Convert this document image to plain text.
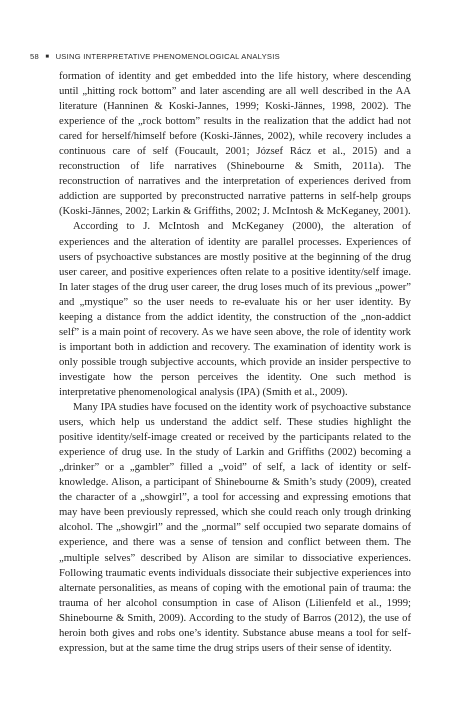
58 ■ USING INTERPRETATIVE PHENOMENOLOGICAL ANALYSIS

formation of identity and get embedded into the life history, where descending until „hitting rock bottom” and later ascending are all well described in the AA literature (Hanninen & Koski-Jannes, 1999; Koski-Jännes, 1998, 2002). The experience of the „rock bottom” results in the realization that the addict had not cared for herself/himself before (Koski-Jännes, 2002), while recovery includes a continuous care of self (Foucault, 2001; József Rácz et al., 2015) and a reconstruction of life narratives (Shinebourne & Smith, 2011a). The reconstruction of narratives and the interpretation of experiences derived from addiction are supported by preconstructed narrative patterns in self-help groups (Koski-Jännes, 2002; Larkin & Griffiths, 2002; J. McIntosh & McKeganey, 2001).

According to J. McIntosh and McKeganey (2000), the alteration of experiences and the alteration of identity are parallel processes. Experiences of users of psychoactive substances are mostly positive at the beginning of the drug user career, and positive experiences often relate to a positive identity/self image. In later stages of the drug user career, the drug loses much of its previous „power” and „mystique” so the user needs to re-evaluate his or her user identity. By keeping a distance from the addict identity, the construction of the „non-addict self” is a main point of recovery. As we have seen above, the role of identity work is important both in addiction and recovery. The examination of identity work is only possible trough subjective accounts, which provide an insider perspective to investigate how the person perceives the identity. One such method is interpretative phenomenological analysis (IPA) (Smith et al., 2009).

Many IPA studies have focused on the identity work of psychoactive substance users, which help us understand the addict self. These studies highlight the positive identity/self-image created or received by the participants related to the experience of drug use. In the study of Larkin and Griffiths (2002) becoming a „drinker” or a „gambler” filled a „void” of self, a lack of identity or self-knowledge. Alison, a participant of Shinebourne & Smith’s study (2009), created the character of a „showgirl”, a tool for accessing and expressing emotions that may have been previously repressed, which she could reach only trough drinking alcohol. The „showgirl” and the „normal” self occupied two separate domains of experience, and there was a sense of tension and conflict between them. The „multiple selves” described by Alison are similar to dissociative experiences. Following traumatic events individuals dissociate their subjective experiences into alternate personalities, as means of coping with the emotional pain of trauma: the trauma of her alcohol consumption in case of Alison (Lilienfeld et al., 1999; Shinebourne & Smith, 2009). According to the study of Barros (2012), the use of heroin both gives and robs one’s identity. Substance abuse means a tool for self-expression, but at the same time the drug strips users of their sense of identity.
